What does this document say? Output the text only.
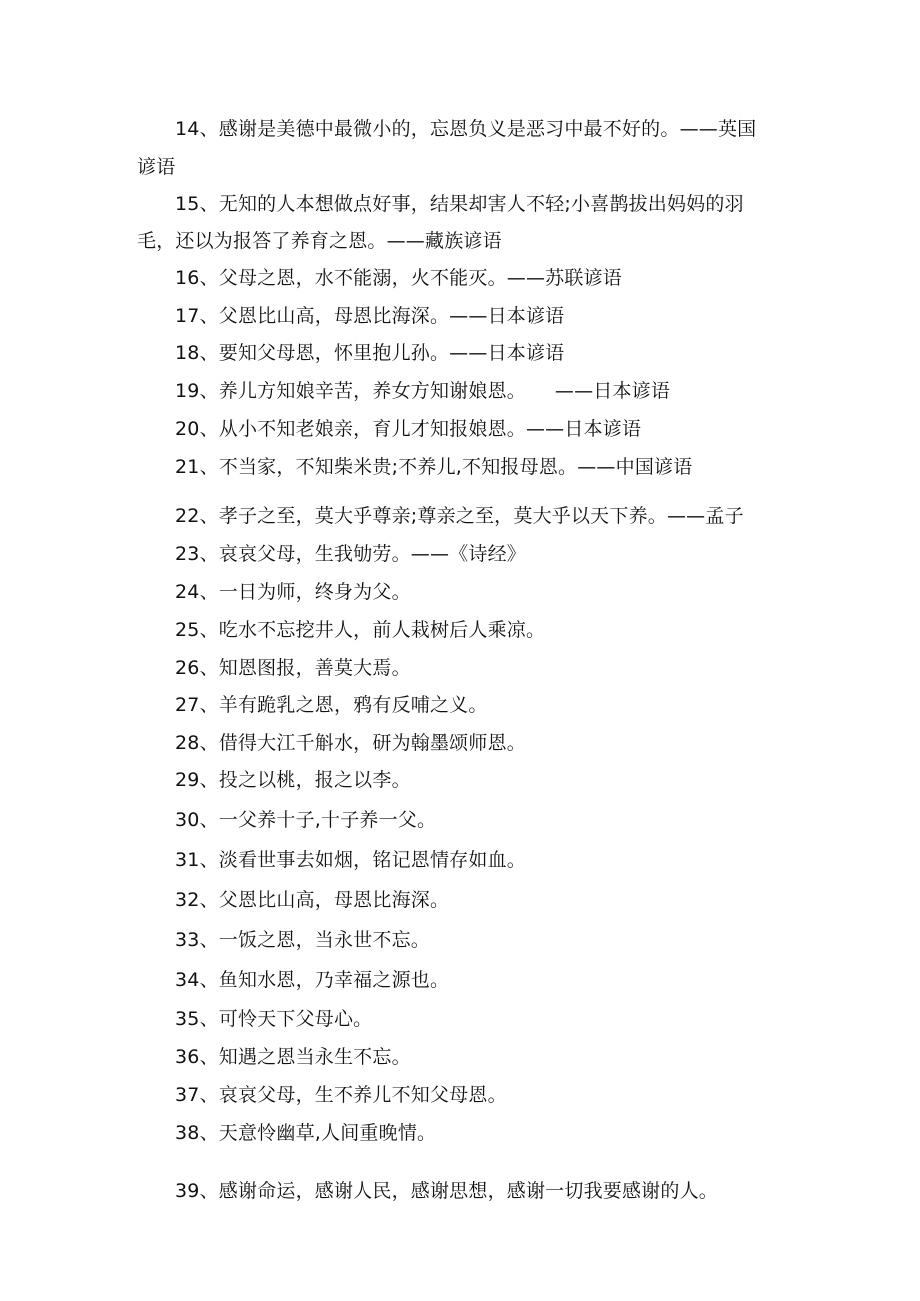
14、感谢是美德中最微小的，忘恩负义是恶习中最不好的。——英国
谚语
15、无知的人本想做点好事，结果却害人不轻;小喜鹊拔出妈妈的羽
毛，还以为报答了养育之恩。——藏族谚语
16、父母之恩，水不能溺，火不能灭。——苏联谚语
17、父恩比山高，母恩比海深。——日本谚语
18、要知父母恩，怀里抱儿孙。——日本谚语
19、养儿方知娘辛苦，养女方知谢娘恩。　　——日本谚语
20、从小不知老娘亲，育儿才知报娘恩。——日本谚语
21、不当家，不知柴米贵;不养儿,不知报母恩。——中国谚语
22、孝子之至，莫大乎尊亲;尊亲之至，莫大乎以天下养。——孟子
23、哀哀父母，生我劬劳。——《诗经》
24、一日为师，终身为父。
25、吃水不忘挖井人，前人栽树后人乘凉。
26、知恩图报，善莫大焉。
27、羊有跪乳之恩，鸦有反哺之义。
28、借得大江千斛水，研为翰墨颂师恩。
29、投之以桃，报之以李。
30、一父养十子,十子养一父。
31、淡看世事去如烟，铭记恩情存如血。
32、父恩比山高，母恩比海深。
33、一饭之恩，当永世不忘。
34、鱼知水恩，乃幸福之源也。
35、可怜天下父母心。
36、知遇之恩当永生不忘。
37、哀哀父母，生不养儿不知父母恩。
38、天意怜幽草,人间重晚情。
39、感谢命运，感谢人民，感谢思想，感谢一切我要感谢的人。
